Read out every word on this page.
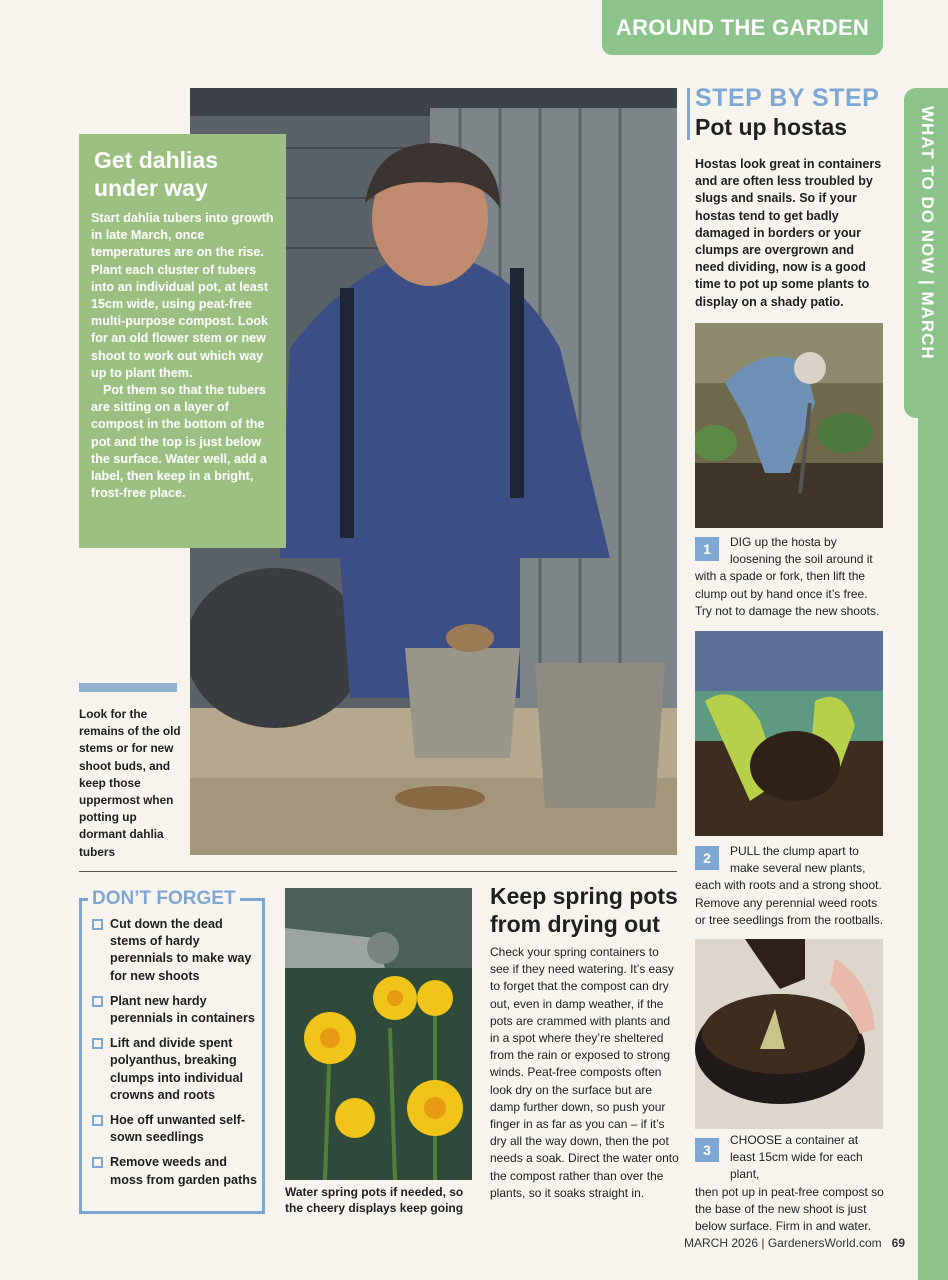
AROUND THE GARDEN
WHAT TO DO NOW | MARCH
Get dahlias under way

Start dahlia tubers into growth in late March, once temperatures are on the rise. Plant each cluster of tubers into an individual pot, at least 15cm wide, using peat-free multi-purpose compost. Look for an old flower stem or new shoot to work out which way up to plant them.

Pot them so that the tubers are sitting on a layer of compost in the bottom of the pot and the top is just below the surface. Water well, add a label, then keep in a bright, frost-free place.

Look for the remains of the old stems or for new shoot buds, and keep those uppermost when potting up dormant dahlia tubers

STEP BY STEP
Pot up hostas

Hostas look great in containers and are often less troubled by slugs and snails. So if your hostas tend to get badly damaged in borders or your clumps are overgrown and need dividing, now is a good time to pot up some plants to display on a shady patio.

1	DIG up the hosta by loosening the soil around it
with a spade or fork, then lift the clump out by hand once it’s free. Try not to damage the new shoots.

2	PULL the clump apart to make several new plants,
each with roots and a strong shoot. Remove any perennial weed roots or tree seedlings from the rootballs.

3

CHOOSE a container at least 15cm wide for each plant,
then pot up in peat-free compost so the base of the new shoot is just below surface. Firm in and water.

DON’T FORGET
Cut down the dead stems of hardy perennials to make way for new shoots
Plant new hardy perennials in containers
Lift and divide spent polyanthus, breaking clumps into individual crowns and roots
Hoe off unwanted self-sown seedlings
Remove weeds and moss from garden paths

Water spring pots if needed, so the cheery displays keep going

Keep spring pots from drying out

Check your spring containers to see if they need watering. It’s easy to forget that the compost can dry out, even in damp weather, if the pots are crammed with plants and in a spot where they’re sheltered from the rain or exposed to strong winds. Peat-free composts often look dry on the surface but are damp further down, so push your finger in as far as you can – if it’s dry all the way down, then the pot needs a soak. Direct the water onto the compost rather than over the plants, so it soaks straight in.

MARCH 2026 | GardenersWorld.com 69
